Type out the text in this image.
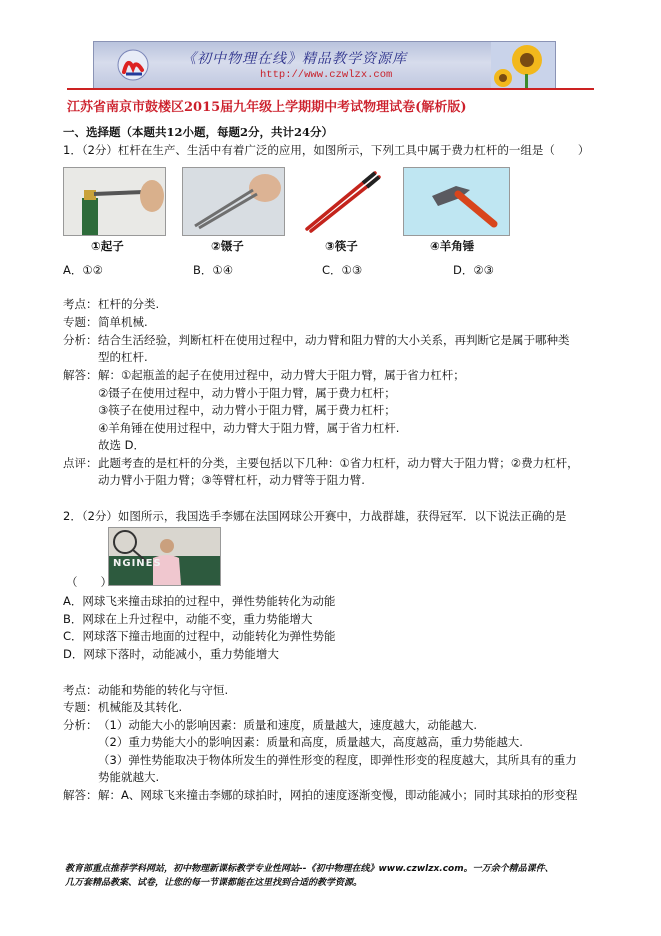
《初中物理在线》精品教学资源库
http://www.czwlzx.com
江苏省南京市鼓楼区2015届九年级上学期期中考试物理试卷(解析版)
一、选择题（本题共12小题，每题2分，共计24分）
1．（2分）杠杆在生产、生活中有着广泛的应用，如图所示，下列工具中属于费力杠杆的一组是（　　）
①起子	②镊子	③筷子	④羊角锤
A．①②	B．①④	C．①③	D．②③
考点： 杠杆的分类.
专题： 简单机械.
分析： 结合生活经验，判断杠杆在使用过程中，动力臂和阻力臂的大小关系，再判断它是属于哪种类
型的杠杆.
解答： 解：①起瓶盖的起子在使用过程中，动力臂大于阻力臂，属于省力杠杆；
②镊子在使用过程中，动力臂小于阻力臂，属于费力杠杆；
③筷子在使用过程中，动力臂小于阻力臂，属于费力杠杆；
④羊角锤在使用过程中，动力臂大于阻力臂，属于省力杠杆.
故选 D．
点评： 此题考查的是杠杆的分类，主要包括以下几种：①省力杠杆，动力臂大于阻力臂；②费力杠杆，
动力臂小于阻力臂；③等臂杠杆，动力臂等于阻力臂.
2．（2分）如图所示，我国选手李娜在法国网球公开赛中，力战群雄，获得冠军．以下说法正确的是
NGINES
（　　）
A．网球飞来撞击球拍的过程中，弹性势能转化为动能
B．网球在上升过程中，动能不变，重力势能增大
C．网球落下撞击地面的过程中，动能转化为弹性势能
D．网球下落时，动能减小，重力势能增大
考点： 动能和势能的转化与守恒.
专题： 机械能及其转化.
分析： （1）动能大小的影响因素：质量和速度，质量越大，速度越大，动能越大.
（2）重力势能大小的影响因素：质量和高度，质量越大，高度越高，重力势能越大.
（3）弹性势能取决于物体所发生的弹性形变的程度，即弹性形变的程度越大，其所具有的重力
势能就越大.
解答： 解：A、网球飞来撞击李娜的球拍时，网拍的速度逐渐变慢，即动能减小；同时其球拍的形变程
教育部重点推荐学科网站，初中物理新课标教学专业性网站--《初中物理在线》www.czwlzx.com。一万余个精品课件、
几万套精品教案、试卷，让您的每一节课都能在这里找到合适的教学资源。
